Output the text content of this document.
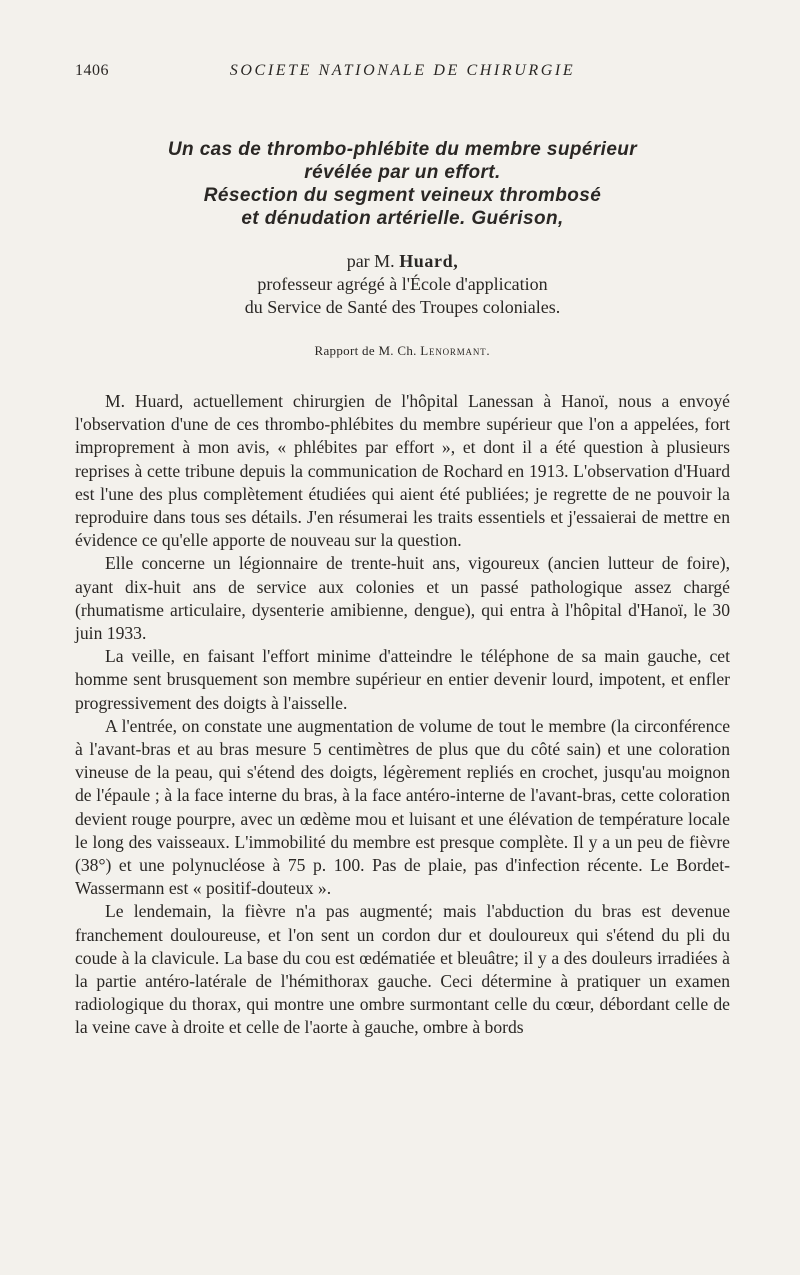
1406	SOCIETE NATIONALE DE CHIRURGIE
Un cas de thrombo-phlébite du membre supérieur
révélée par un effort.
Résection du segment veineux thrombosé
et dénudation artérielle. Guérison,
par M. Huard,
professeur agrégé à l'École d'application
du Service de Santé des Troupes coloniales.
Rapport de M. Ch. Lenormant.

M. Huard, actuellement chirurgien de l'hôpital Lanessan à Hanoï, nous a envoyé l'observation d'une de ces thrombo-phlébites du membre supérieur que l'on a appelées, fort improprement à mon avis, « phlébites par effort », et dont il a été question à plusieurs reprises à cette tribune depuis la communication de Rochard en 1913. L'observation d'Huard est l'une des plus complètement étudiées qui aient été publiées; je regrette de ne pouvoir la reproduire dans tous ses détails. J'en résumerai les traits essentiels et j'essaierai de mettre en évidence ce qu'elle apporte de nouveau sur la question.

Elle concerne un légionnaire de trente-huit ans, vigoureux (ancien lutteur de foire), ayant dix-huit ans de service aux colonies et un passé pathologique assez chargé (rhumatisme articulaire, dysenterie amibienne, dengue), qui entra à l'hôpital d'Hanoï, le 30 juin 1933.

La veille, en faisant l'effort minime d'atteindre le téléphone de sa main gauche, cet homme sent brusquement son membre supérieur en entier devenir lourd, impotent, et enfler progressivement des doigts à l'aisselle.

A l'entrée, on constate une augmentation de volume de tout le membre (la circonférence à l'avant-bras et au bras mesure 5 centimètres de plus que du côté sain) et une coloration vineuse de la peau, qui s'étend des doigts, légèrement repliés en crochet, jusqu'au moignon de l'épaule ; à la face interne du bras, à la face antéro-interne de l'avant-bras, cette coloration devient rouge pourpre, avec un œdème mou et luisant et une élévation de température locale le long des vaisseaux. L'immobilité du membre est presque complète. Il y a un peu de fièvre (38°) et une polynucléose à 75 p. 100. Pas de plaie, pas d'infection récente. Le Bordet-Wassermann est « positif-douteux ».

Le lendemain, la fièvre n'a pas augmenté; mais l'abduction du bras est devenue franchement douloureuse, et l'on sent un cordon dur et douloureux qui s'étend du pli du coude à la clavicule. La base du cou est œdématiée et bleuâtre; il y a des douleurs irradiées à la partie antéro-latérale de l'hémithorax gauche. Ceci détermine à pratiquer un examen radiologique du thorax, qui montre une ombre surmontant celle du cœur, débordant celle de la veine cave à droite et celle de l'aorte à gauche, ombre à bords
